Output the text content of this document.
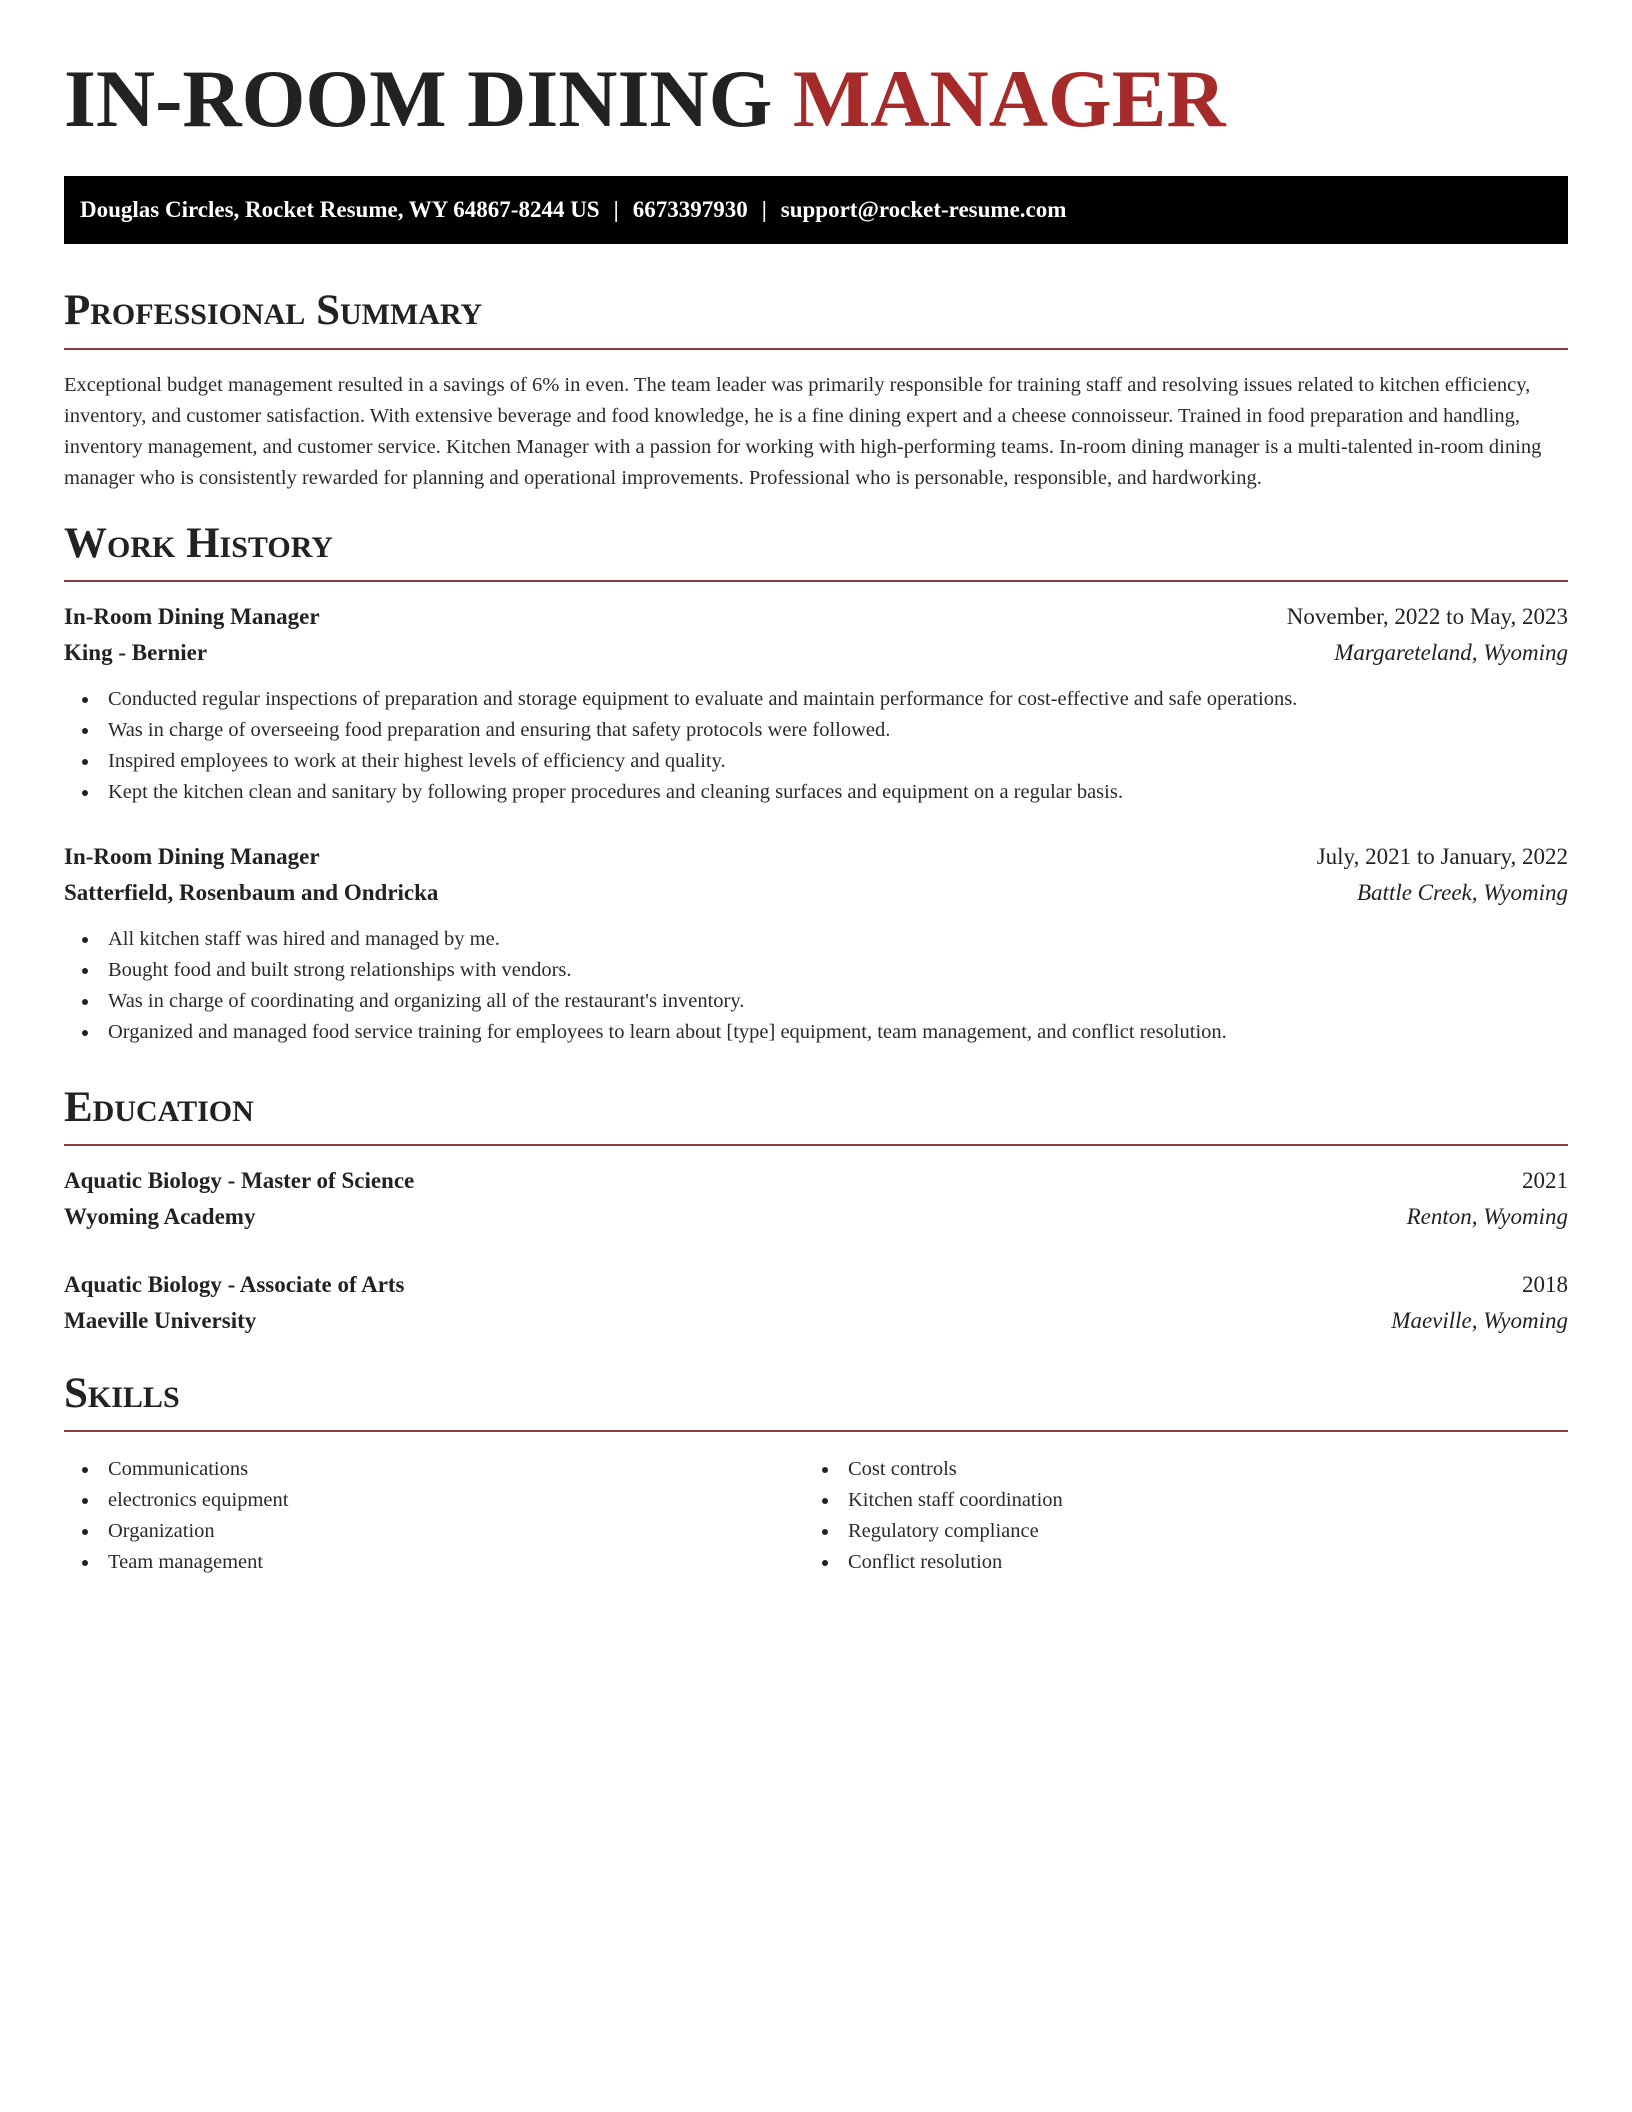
IN-ROOM DINING MANAGER
Douglas Circles, Rocket Resume, WY 64867-8244 US | 6673397930 | support@rocket-resume.com
Professional Summary

Exceptional budget management resulted in a savings of 6% in even. The team leader was primarily responsible for training staff and resolving issues related to kitchen efficiency, inventory, and customer satisfaction. With extensive beverage and food knowledge, he is a fine dining expert and a cheese connoisseur. Trained in food preparation and handling, inventory management, and customer service. Kitchen Manager with a passion for working with high-performing teams. In-room dining manager is a multi-talented in-room dining manager who is consistently rewarded for planning and operational improvements. Professional who is personable, responsible, and hardworking.

Work History
In-Room Dining Manager	November, 2022 to May, 2023
King - Bernier	Margareteland, Wyoming
Conducted regular inspections of preparation and storage equipment to evaluate and maintain performance for cost-effective and safe operations.
Was in charge of overseeing food preparation and ensuring that safety protocols were followed.
Inspired employees to work at their highest levels of efficiency and quality.
Kept the kitchen clean and sanitary by following proper procedures and cleaning surfaces and equipment on a regular basis.
In-Room Dining Manager	July, 2021 to January, 2022
Satterfield, Rosenbaum and Ondricka	Battle Creek, Wyoming
All kitchen staff was hired and managed by me.
Bought food and built strong relationships with vendors.
Was in charge of coordinating and organizing all of the restaurant's inventory.
Organized and managed food service training for employees to learn about [type] equipment, team management, and conflict resolution.
Education
Aquatic Biology - Master of Science	2021
Wyoming Academy	Renton, Wyoming
Aquatic Biology - Associate of Arts	2018
Maeville University	Maeville, Wyoming
Skills
Communications
electronics equipment
Organization
Team management
Cost controls
Kitchen staff coordination
Regulatory compliance
Conflict resolution
